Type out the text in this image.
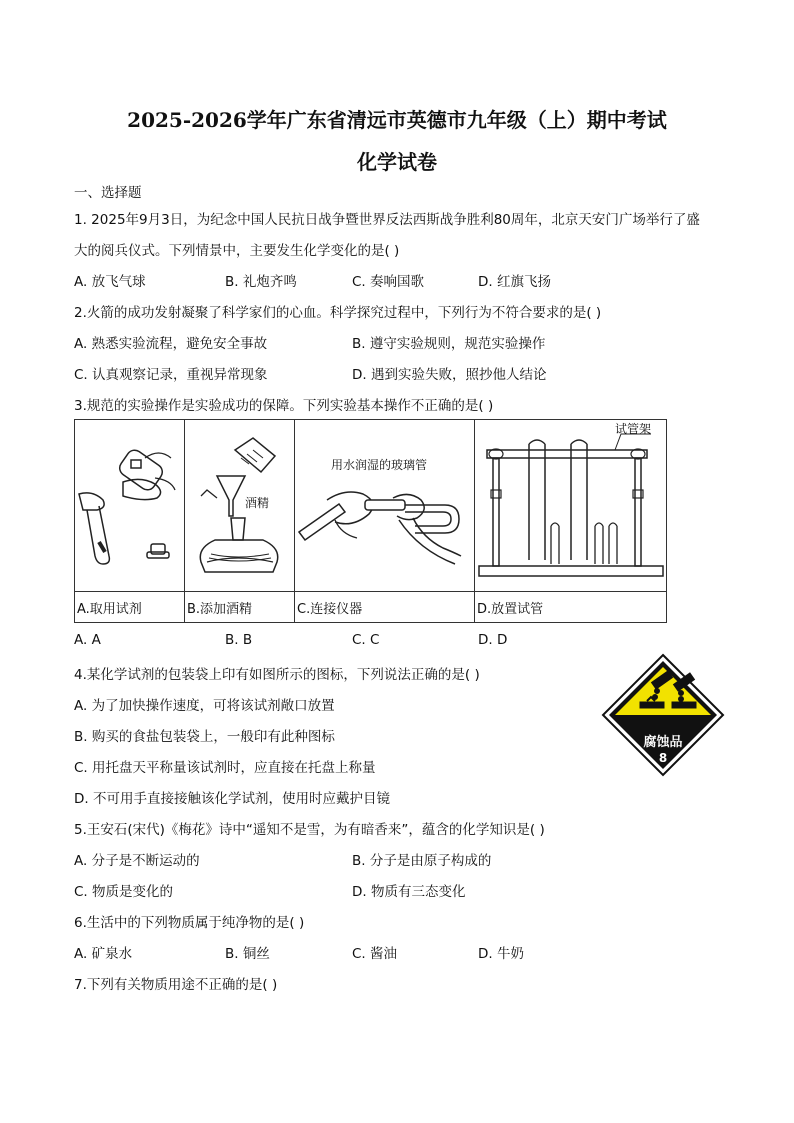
2025-2026学年广东省清远市英德市九年级（上）期中考试
化学试卷
一、选择题
1. 2025年9月3日，为纪念中国人民抗日战争暨世界反法西斯战争胜利80周年，北京天安门广场举行了盛
大的阅兵仪式。下列情景中，主要发生化学变化的是( )
A. 放飞气球	B. 礼炮齐鸣	C. 奏响国歌	D. 红旗飞扬
2.火箭的成功发射凝聚了科学家们的心血。科学探究过程中，下列行为不符合要求的是( )
A. 熟悉实验流程，避免安全事故	B. 遵守实验规则，规范实验操作
C. 认真观察记录，重视异常现象	D. 遇到实验失败，照抄他人结论
3.规范的实验操作是实验成功的保障。下列实验基本操作不正确的是( )

酒精	用水润湿的玻璃管	试管架

A.取用试剂	B.添加酒精	C.连接仪器	D.放置试管
A. A	B. B	C. C	D. D
4.某化学试剂的包装袋上印有如图所示的图标，下列说法正确的是( )
A. 为了加快操作速度，可将该试剂敞口放置
B. 购买的食盐包装袋上，一般印有此种图标
C. 用托盘天平称量该试剂时，应直接在托盘上称量
D. 不可用手直接接触该化学试剂，使用时应戴护目镜
腐蚀品
8
5.王安石(宋代)《梅花》诗中“遥知不是雪，为有暗香来”，蕴含的化学知识是( )
A. 分子是不断运动的	B. 分子是由原子构成的
C. 物质是变化的	D. 物质有三态变化
6.生活中的下列物质属于纯净物的是( )
A. 矿泉水	B. 铜丝	C. 酱油	D. 牛奶
7.下列有关物质用途不正确的是( )
